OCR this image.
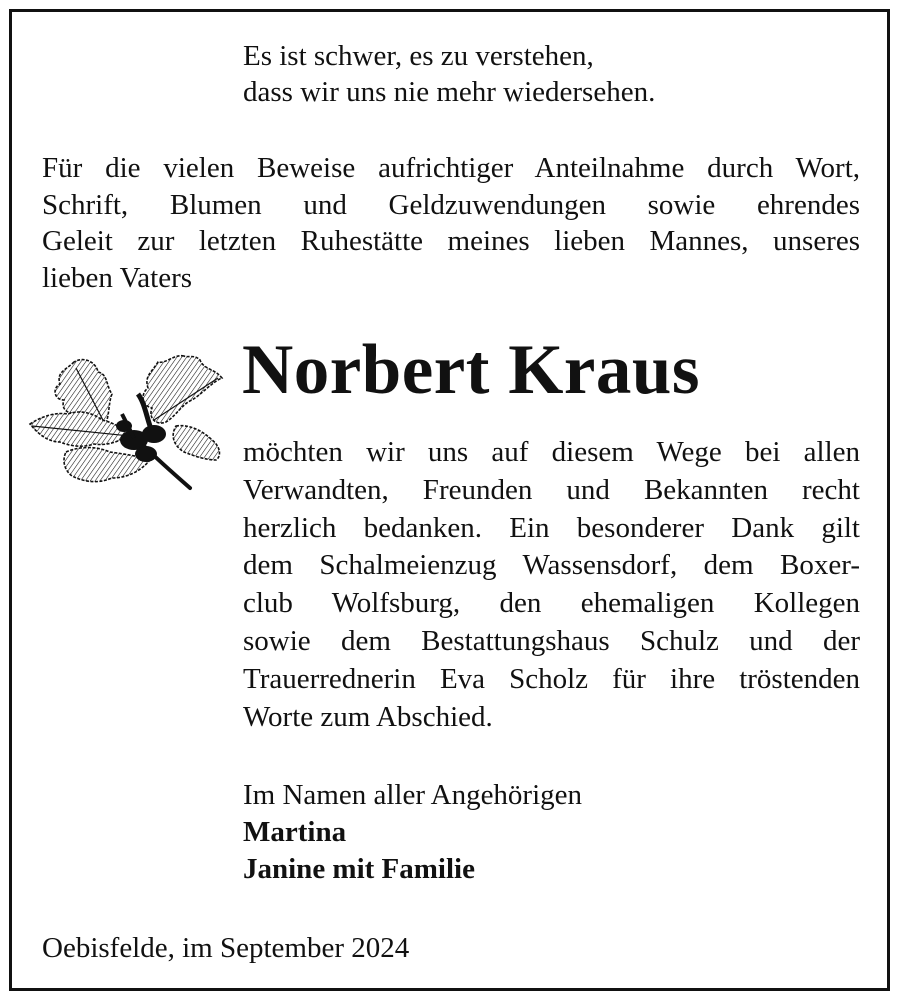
Es ist schwer, es zu verstehen,
dass wir uns nie mehr wiedersehen.
Für die vielen Beweise aufrichtiger Anteilnahme durch Wort,
Schrift, Blumen und Geldzuwendungen sowie ehrendes
Geleit zur letzten Ruhestätte meines lieben Mannes, unseres
lieben Vaters
Norbert Kraus
möchten wir uns auf diesem Wege bei allen
Verwandten, Freunden und Bekannten recht
herzlich bedanken. Ein besonderer Dank gilt
dem Schalmeienzug Wassensdorf, dem Boxer-
club Wolfsburg, den ehemaligen Kollegen
sowie dem Bestattungshaus Schulz und der
Trauerrednerin Eva Scholz für ihre tröstenden
Worte zum Abschied.
Im Namen aller Angehörigen
Martina
Janine mit Familie
Oebisfelde, im September 2024
